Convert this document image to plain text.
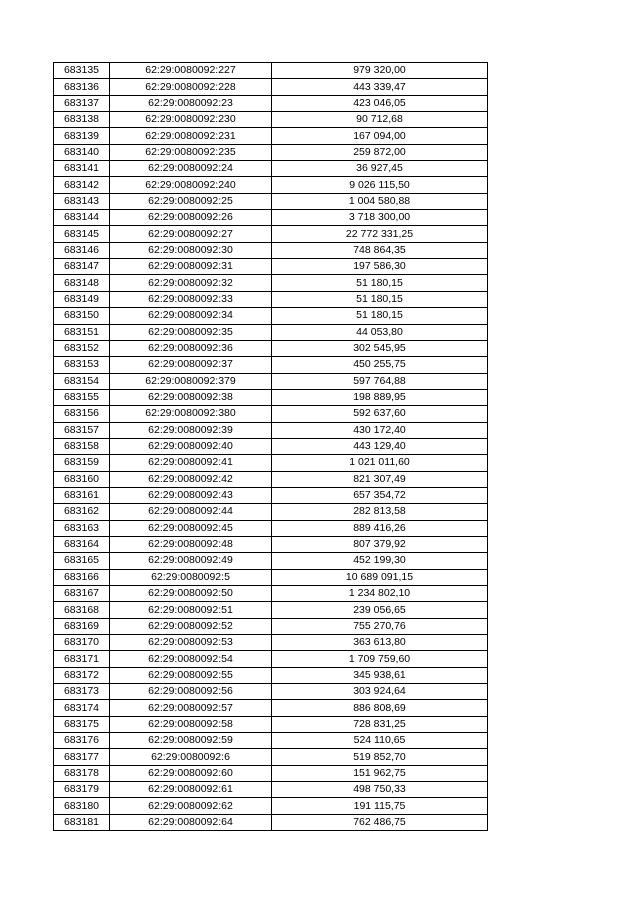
683135	62:29:0080092:227	979 320,00
683136	62:29:0080092:228	443 339,47
683137	62:29:0080092:23	423 046,05
683138	62:29:0080092:230	90 712,68
683139	62:29:0080092:231	167 094,00
683140	62:29:0080092:235	259 872,00
683141	62:29:0080092:24	36 927,45
683142	62:29:0080092:240	9 026 115,50
683143	62:29:0080092:25	1 004 580,88
683144	62:29:0080092:26	3 718 300,00
683145	62:29:0080092:27	22 772 331,25
683146	62:29:0080092:30	748 864,35
683147	62:29:0080092:31	197 586,30
683148	62:29:0080092:32	51 180,15
683149	62:29:0080092:33	51 180,15
683150	62:29:0080092:34	51 180,15
683151	62:29:0080092:35	44 053,80
683152	62:29:0080092:36	302 545,95
683153	62:29:0080092:37	450 255,75
683154	62:29:0080092:379	597 764,88
683155	62:29:0080092:38	198 889,95
683156	62:29:0080092:380	592 637,60
683157	62:29:0080092:39	430 172,40
683158	62:29:0080092:40	443 129,40
683159	62:29:0080092:41	1 021 011,60
683160	62:29:0080092:42	821 307,49
683161	62:29:0080092:43	657 354,72
683162	62:29:0080092:44	282 813,58
683163	62:29:0080092:45	889 416,26
683164	62:29:0080092:48	807 379,92
683165	62:29:0080092:49	452 199,30
683166	62:29:0080092:5	10 689 091,15
683167	62:29:0080092:50	1 234 802,10
683168	62:29:0080092:51	239 056,65
683169	62:29:0080092:52	755 270,76
683170	62:29:0080092:53	363 613,80
683171	62:29:0080092:54	1 709 759,60
683172	62:29:0080092:55	345 938,61
683173	62:29:0080092:56	303 924,64
683174	62:29:0080092:57	886 808,69
683175	62:29:0080092:58	728 831,25
683176	62:29:0080092:59	524 110,65
683177	62:29:0080092:6	519 852,70
683178	62:29:0080092:60	151 962,75
683179	62:29:0080092:61	498 750,33
683180	62:29:0080092:62	191 115,75
683181	62:29:0080092:64	762 486,75
